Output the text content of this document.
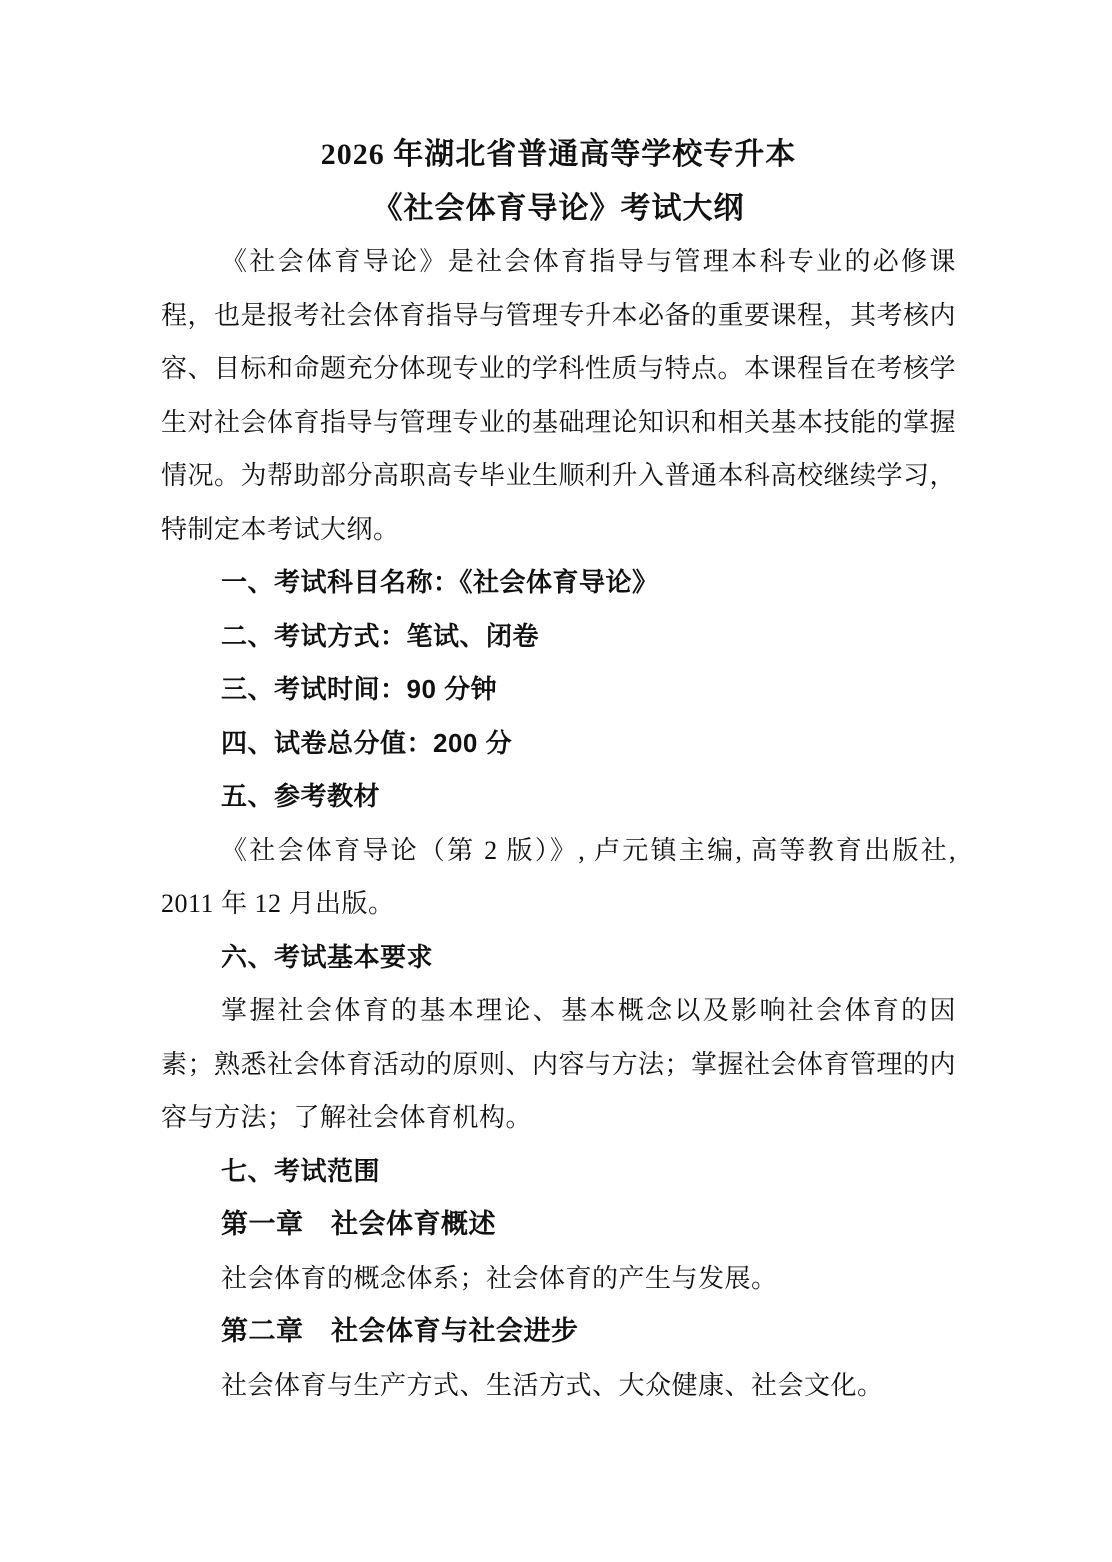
2026 年湖北省普通高等学校专升本

《社会体育导论》考试大纲

《社会体育导论》是社会体育指导与管理本科专业的必修课程，也是报考社会体育指导与管理专升本必备的重要课程，其考核内容、目标和命题充分体现专业的学科性质与特点。本课程旨在考核学生对社会体育指导与管理专业的基础理论知识和相关基本技能的掌握情况。为帮助部分高职高专毕业生顺利升入普通本科高校继续学习，特制定本考试大纲。

一、考试科目名称：《社会体育导论》

二、考试方式：笔试、闭卷

三、考试时间：90 分钟

四、试卷总分值：200 分

五、参考教材

《社会体育导论（第 2 版）》, 卢元镇主编, 高等教育出版社, 2011 年 12 月出版。

六、考试基本要求

掌握社会体育的基本理论、基本概念以及影响社会体育的因素；熟悉社会体育活动的原则、内容与方法；掌握社会体育管理的内容与方法；了解社会体育机构。

七、考试范围

第一章　社会体育概述

社会体育的概念体系；社会体育的产生与发展。

第二章　社会体育与社会进步

社会体育与生产方式、生活方式、大众健康、社会文化。
